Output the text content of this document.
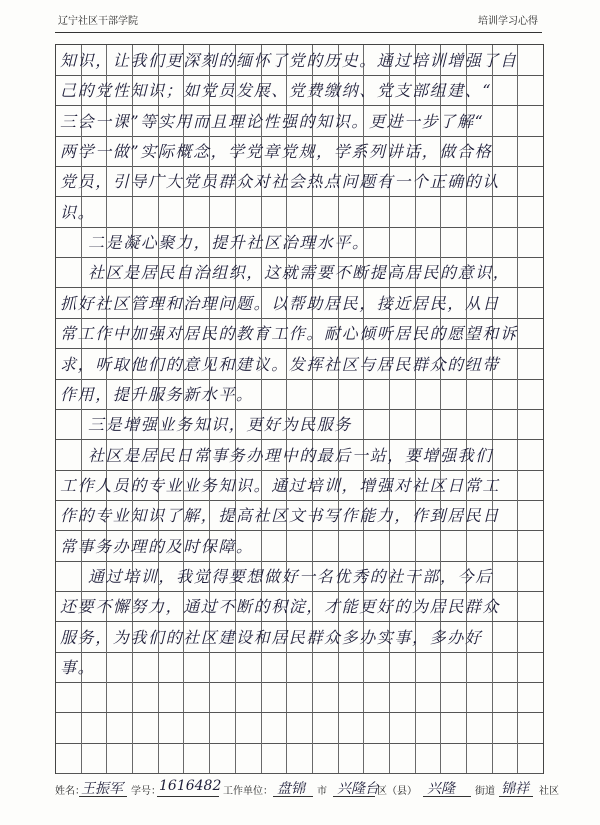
辽宁社区干部学院	培训学习心得
知识，让我们更深刻的缅怀了党的历史。通过培训增强了自
己的党性知识；如党员发展、党费缴纳、党支部组建、“
三会一课”等实用而且理论性强的知识。更进一步了解“
两学一做”实际概念，学党章党规，学系列讲话，做合格
党员，引导广大党员群众对社会热点问题有一个正确的认
识。
二是凝心聚力，提升社区治理水平。
社区是居民自治组织，这就需要不断提高居民的意识，
抓好社区管理和治理问题。以帮助居民，接近居民，从日
常工作中加强对居民的教育工作。耐心倾听居民的愿望和诉
求，听取他们的意见和建议。发挥社区与居民群众的纽带
作用，提升服务新水平。
三是增强业务知识，更好为民服务
社区是居民日常事务办理中的最后一站，要增强我们
工作人员的专业业务知识。通过培训，增强对社区日常工
作的专业知识了解，提高社区文书写作能力，作到居民日
常事务办理的及时保障。
通过培训，我觉得要想做好一名优秀的社干部，今后
还要不懈努力，通过不断的积淀，才能更好的为居民群众
服务，为我们的社区建设和居民群众多办实事，多办好
事。
姓名：
王振军 学号：
1616482 工作单位： 盘锦 市 兴隆台
区（县） 兴隆 街道 锦祥 社区
